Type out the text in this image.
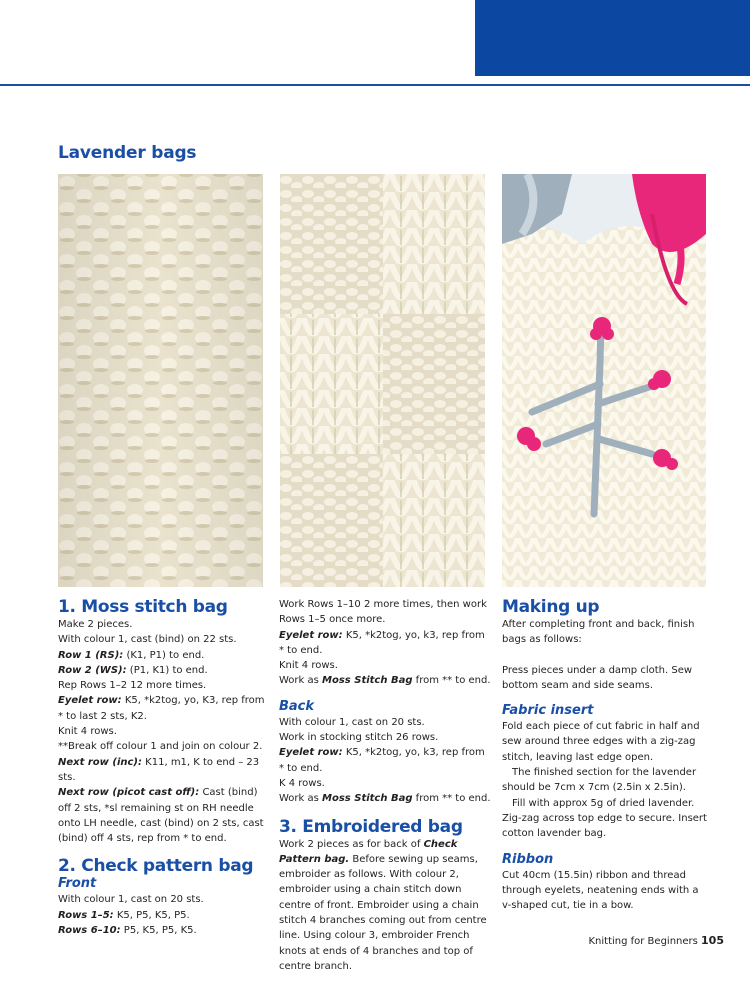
Lavender bags
1. Moss stitch bag

Make 2 pieces.

With colour 1, cast (bind) on 22 sts.

Row 1 (RS): (K1, P1) to end.

Row 2 (WS): (P1, K1) to end.

Rep Rows 1–2 12 more times.

Eyelet row: K5, *k2tog, yo, K3, rep from * to last 2 sts, K2.

Knit 4 rows.

**Break off colour 1 and join on colour 2.

Next row (inc): K11, m1, K to end – 23 sts.

Next row (picot cast off): Cast (bind) off 2 sts, *sl remaining st on RH needle onto LH needle, cast (bind) on 2 sts, cast (bind) off 4 sts, rep from * to end.

2. Check pattern bag
Front

With colour 1, cast on 20 sts.

Rows 1–5: K5, P5, K5, P5.

Rows 6–10: P5, K5, P5, K5.

Work Rows 1–10 2 more times, then work Rows 1–5 once more.

Eyelet row: K5, *k2tog, yo, k3, rep from * to end.

Knit 4 rows.

Work as Moss Stitch Bag from ** to end.

Back

With colour 1, cast on 20 sts.

Work in stocking stitch 26 rows.

Eyelet row: K5, *k2tog, yo, k3, rep from * to end.

K 4 rows.

Work as Moss Stitch Bag from ** to end.

3. Embroidered bag

Work 2 pieces as for back of Check Pattern bag. Before sewing up seams, embroider as follows. With colour 2, embroider using a chain stitch down centre of front. Embroider using a chain stitch 4 branches coming out from centre line. Using colour 3, embroider French knots at ends of 4 branches and top of centre branch.

Making up

After completing front and back, finish bags as follows:

Press pieces under a damp cloth. Sew bottom seam and side seams.

Fabric insert

Fold each piece of cut fabric in half and sew around three edges with a zig-zag stitch, leaving last edge open.

The finished section for the lavender should be 7cm x 7cm (2.5in x 2.5in).

Fill with approx 5g of dried lavender. Zig-zag across top edge to secure. Insert cotton lavender bag.

Ribbon

Cut 40cm (15.5in) ribbon and thread through eyelets, neatening ends with a v-shaped cut, tie in a bow.

Knitting for Beginners 105
